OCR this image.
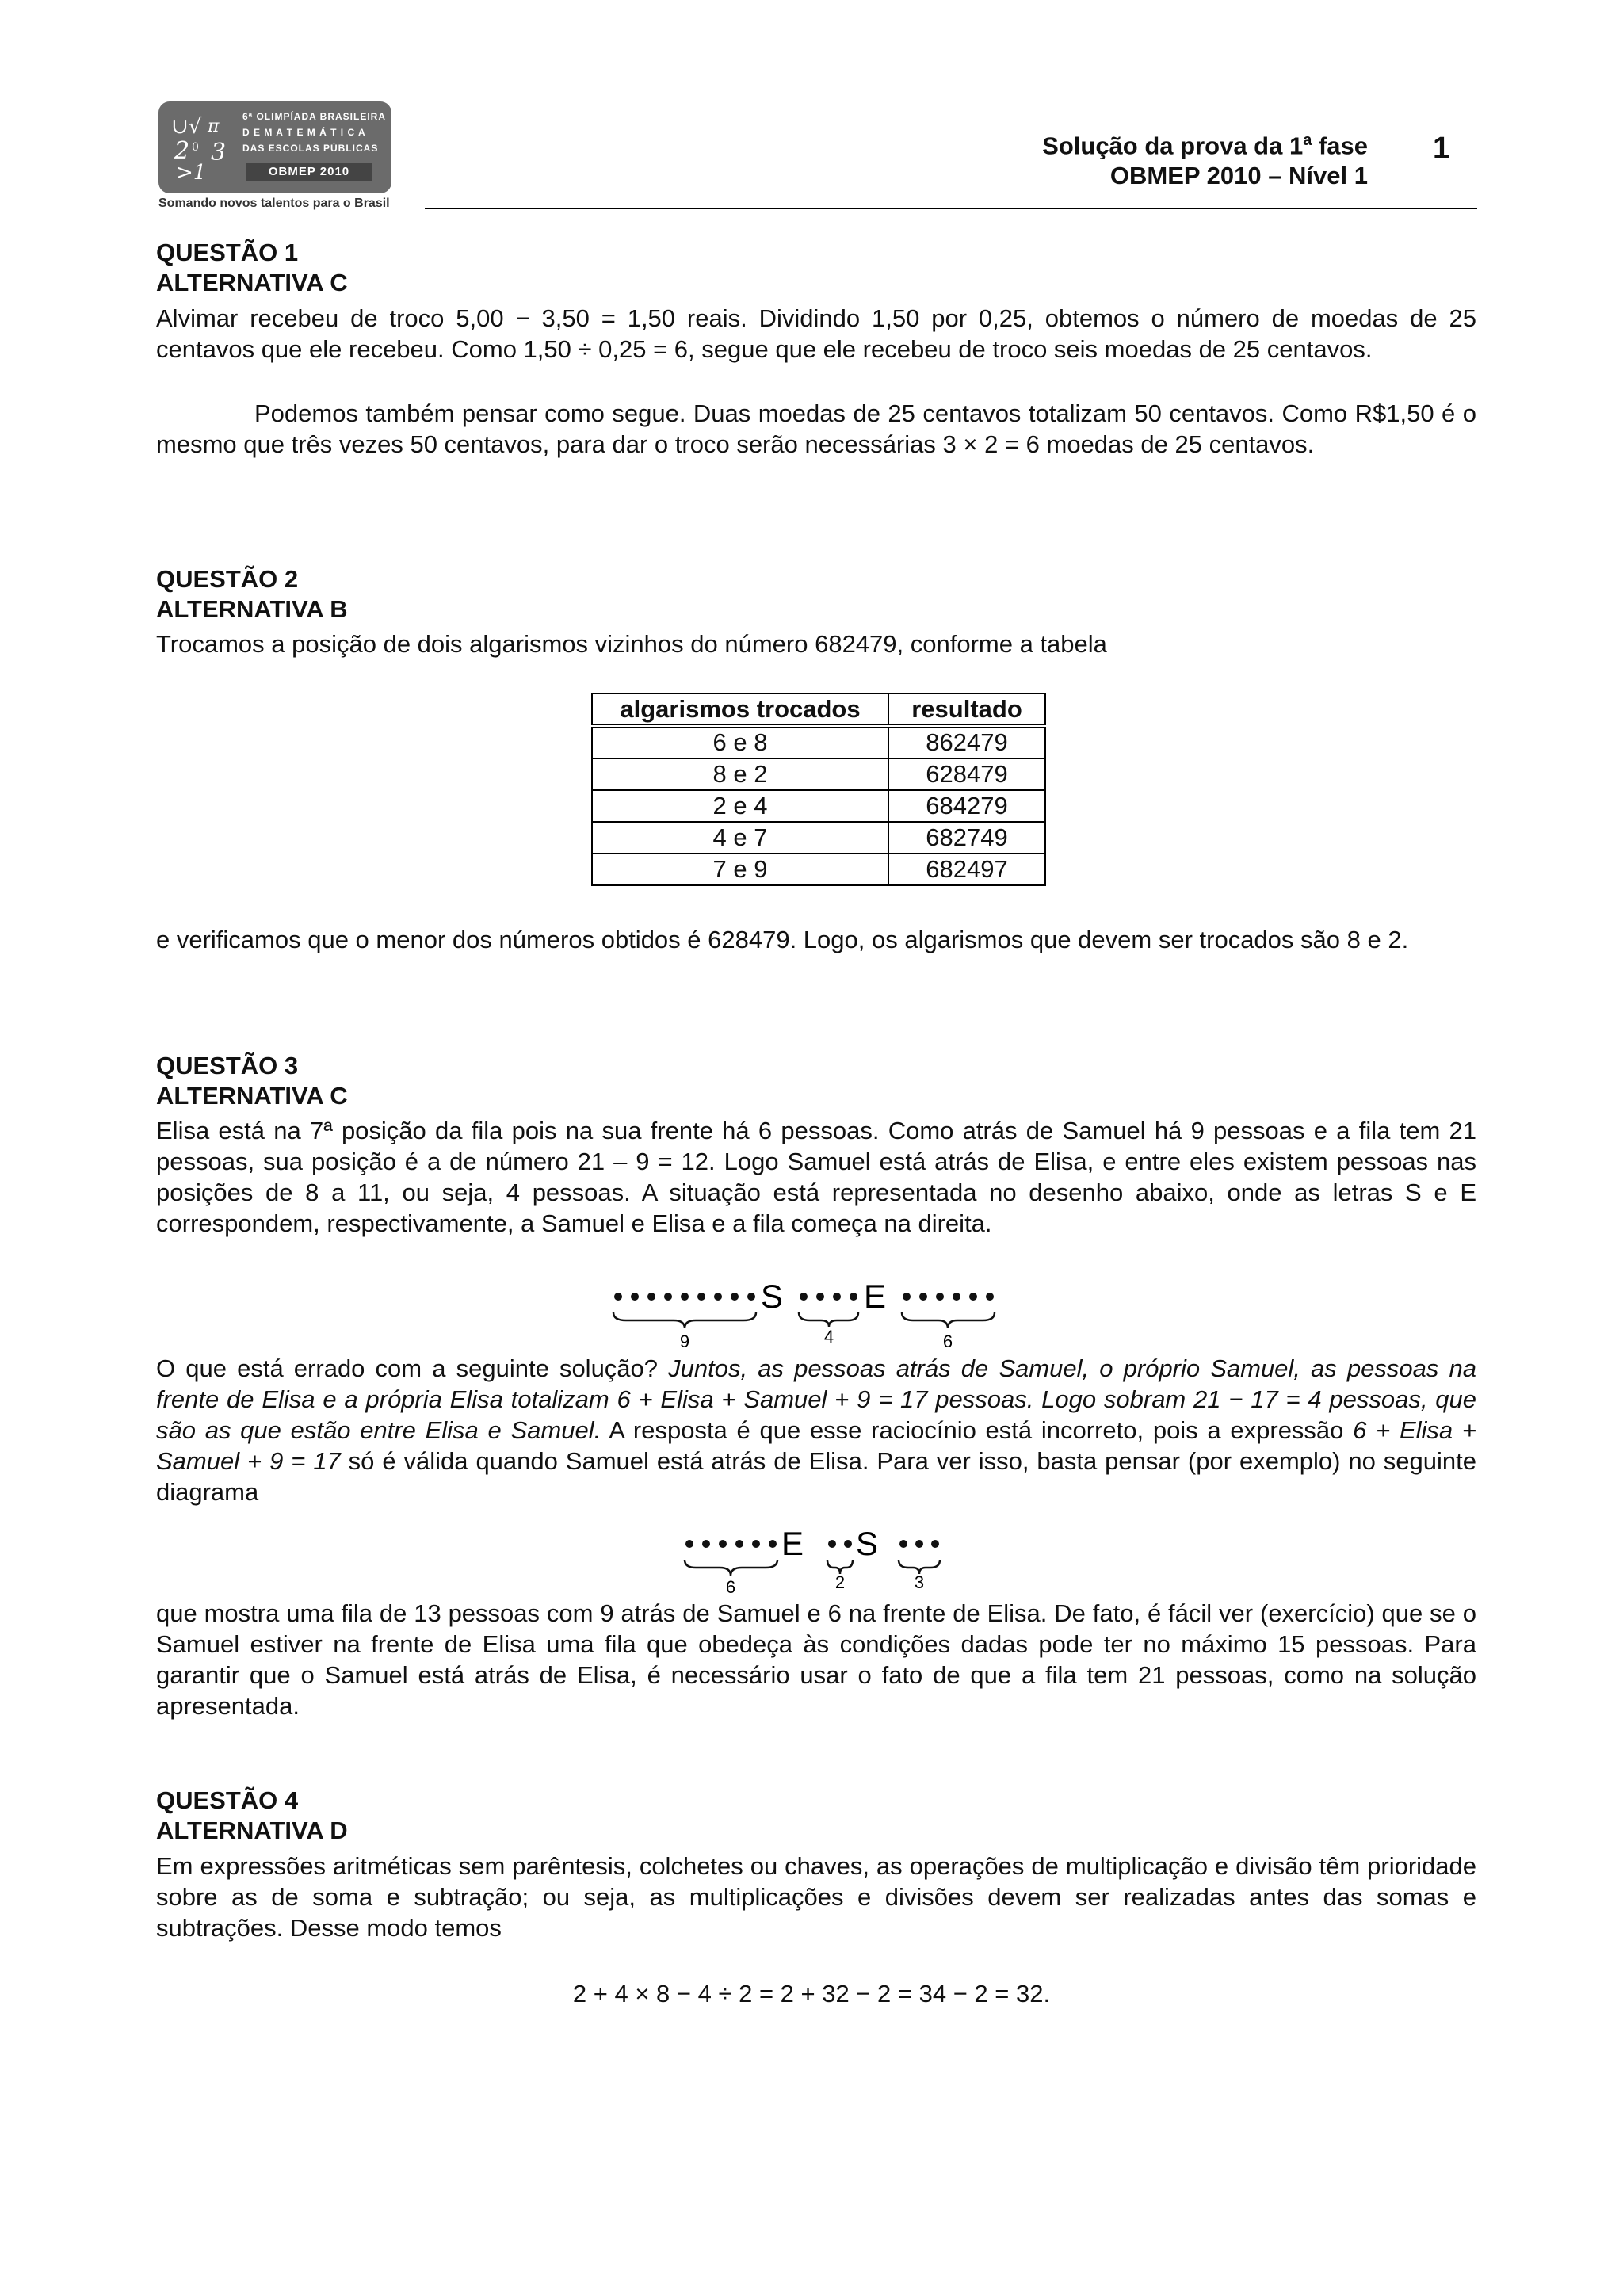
∪√ π
2 0 3
>1
6ª OLIMPÍADA BRASILEIRA
D E M A T E M Á T I C A
DAS ESCOLAS PÚBLICAS
OBMEP 2010
Somando novos talentos para o Brasil
Solução da prova da 1$^a$ fase
OBMEP 2010 – Nível 1
1
QUESTÃO 1
ALTERNATIVA C
Alvimar recebeu de troco 5,00 − 3,50 = 1,50 reais. Dividindo 1,50 por 0,25, obtemos o número de moedas de 25 centavos que ele recebeu. Como 1,50 ÷ 0,25 = 6, segue que ele recebeu de troco seis moedas de 25 centavos.
Podemos também pensar como segue. Duas moedas de 25 centavos totalizam 50 centavos. Como R$1,50 é o mesmo que três vezes 50 centavos, para dar o troco serão necessárias 3 × 2 = 6 moedas de 25 centavos.
QUESTÃO 2
ALTERNATIVA B
Trocamos a posição de dois algarismos vizinhos do número 682479, conforme a tabela
algarismos trocados	resultado
6 e 8	862479
8 e 2	628479
2 e 4	684279
4 e 7	682749
7 e 9	682497
e verificamos que o menor dos números obtidos é 628479. Logo, os algarismos que devem ser trocados são 8 e 2.
QUESTÃO 3
ALTERNATIVA C
Elisa está na 7ª posição da fila pois na sua frente há 6 pessoas. Como atrás de Samuel há 9 pessoas e a fila tem 21 pessoas, sua posição é a de número 21 – 9 = 12. Logo Samuel está atrás de Elisa, e entre eles existem pessoas nas posições de 8 a 11, ou seja, 4 pessoas. A situação está representada no desenho abaixo, onde as letras S e E correspondem, respectivamente, a Samuel e Elisa e a fila começa na direita.
S E
9	4	6
O que está errado com a seguinte solução? Juntos, as pessoas atrás de Samuel, o próprio Samuel, as pessoas na frente de Elisa e a própria Elisa totalizam 6 + Elisa + Samuel + 9 = 17 pessoas. Logo sobram 21 − 17 = 4 pessoas, que são as que estão entre Elisa e Samuel. A resposta é que esse raciocínio está incorreto, pois a expressão 6 + Elisa + Samuel + 9 = 17 só é válida quando Samuel está atrás de Elisa. Para ver isso, basta pensar (por exemplo) no seguinte diagrama
E S
6	2	3
que mostra uma fila de 13 pessoas com 9 atrás de Samuel e 6 na frente de Elisa. De fato, é fácil ver (exercício) que se o Samuel estiver na frente de Elisa uma fila que obedeça às condições dadas pode ter no máximo 15 pessoas. Para garantir que o Samuel está atrás de Elisa, é necessário usar o fato de que a fila tem 21 pessoas, como na solução apresentada.
QUESTÃO 4
ALTERNATIVA D
Em expressões aritméticas sem parêntesis, colchetes ou chaves, as operações de multiplicação e divisão têm prioridade sobre as de soma e subtração; ou seja, as multiplicações e divisões devem ser realizadas antes das somas e subtrações. Desse modo temos
2 + 4 × 8 − 4 ÷ 2 = 2 + 32 − 2 = 34 − 2 = 32.
